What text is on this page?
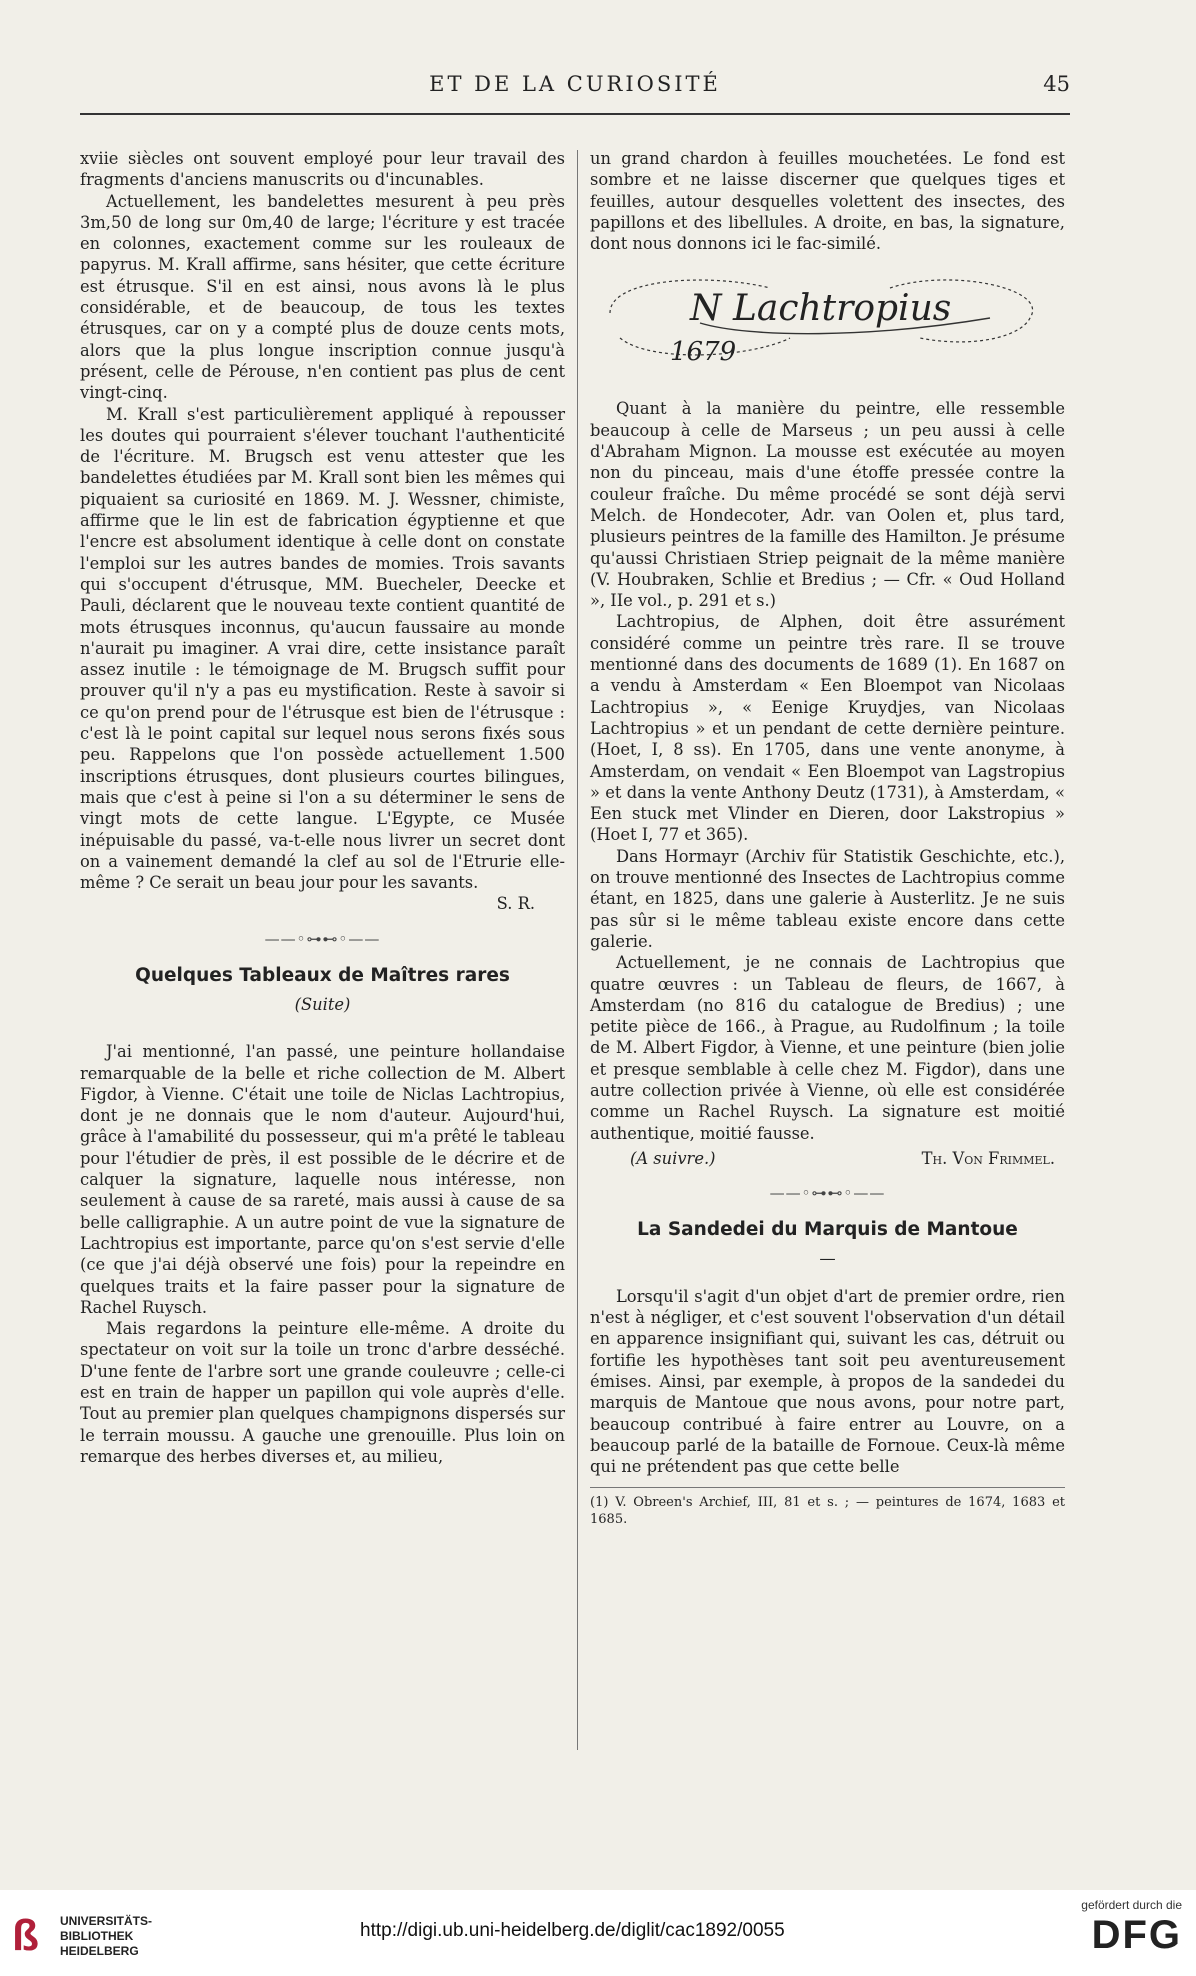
ET DE LA CURIOSITÉ	45

xviie siècles ont souvent employé pour leur travail des fragments d'anciens manuscrits ou d'incunables.

Actuellement, les bandelettes mesurent à peu près 3m,50 de long sur 0m,40 de large; l'écriture y est tracée en colonnes, exactement comme sur les rouleaux de papyrus. M. Krall affirme, sans hésiter, que cette écriture est étrusque. S'il en est ainsi, nous avons là le plus considérable, et de beaucoup, de tous les textes étrusques, car on y a compté plus de douze cents mots, alors que la plus longue inscription connue jusqu'à présent, celle de Pérouse, n'en contient pas plus de cent vingt-cinq.

M. Krall s'est particulièrement appliqué à repousser les doutes qui pourraient s'élever touchant l'authenticité de l'écriture. M. Brugsch est venu attester que les bandelettes étudiées par M. Krall sont bien les mêmes qui piquaient sa curiosité en 1869. M. J. Wessner, chimiste, affirme que le lin est de fabrication égyptienne et que l'encre est absolument identique à celle dont on constate l'emploi sur les autres bandes de momies. Trois savants qui s'occupent d'étrusque, MM. Buecheler, Deecke et Pauli, déclarent que le nouveau texte contient quantité de mots étrusques inconnus, qu'aucun faussaire au monde n'aurait pu imaginer. A vrai dire, cette insistance paraît assez inutile : le témoignage de M. Brugsch suffit pour prouver qu'il n'y a pas eu mystification. Reste à savoir si ce qu'on prend pour de l'étrusque est bien de l'étrusque : c'est là le point capital sur lequel nous serons fixés sous peu. Rappelons que l'on possède actuellement 1.500 inscriptions étrusques, dont plusieurs courtes bilingues, mais que c'est à peine si l'on a su déterminer le sens de vingt mots de cette langue. L'Egypte, ce Musée inépuisable du passé, va-t-elle nous livrer un secret dont on a vainement demandé la clef au sol de l'Etrurie elle-même ? Ce serait un beau jour pour les savants.

S. R.
——◦⊶⊷◦——
Quelques Tableaux de Maîtres rares
(Suite)

J'ai mentionné, l'an passé, une peinture hollandaise remarquable de la belle et riche collection de M. Albert Figdor, à Vienne. C'était une toile de Niclas Lachtropius, dont je ne donnais que le nom d'auteur. Aujourd'hui, grâce à l'amabilité du possesseur, qui m'a prêté le tableau pour l'étudier de près, il est possible de le décrire et de calquer la signature, laquelle nous intéresse, non seulement à cause de sa rareté, mais aussi à cause de sa belle calligraphie. A un autre point de vue la signature de Lachtropius est importante, parce qu'on s'est servie d'elle (ce que j'ai déjà observé une fois) pour la repeindre en quelques traits et la faire passer pour la signature de Rachel Ruysch.

Mais regardons la peinture elle-même. A droite du spectateur on voit sur la toile un tronc d'arbre desséché. D'une fente de l'arbre sort une grande couleuvre ; celle-ci est en train de happer un papillon qui vole auprès d'elle. Tout au premier plan quelques champignons dispersés sur le terrain moussu. A gauche une grenouille. Plus loin on remarque des herbes diverses et, au milieu,

un grand chardon à feuilles mouchetées. Le fond est sombre et ne laisse discerner que quelques tiges et feuilles, autour desquelles volettent des insectes, des papillons et des libellules. A droite, en bas, la signature, dont nous donnons ici le fac-similé.

N Lachtropius
1679

Quant à la manière du peintre, elle ressemble beaucoup à celle de Marseus ; un peu aussi à celle d'Abraham Mignon. La mousse est exécutée au moyen non du pinceau, mais d'une étoffe pressée contre la couleur fraîche. Du même procédé se sont déjà servi Melch. de Hondecoter, Adr. van Oolen et, plus tard, plusieurs peintres de la famille des Hamilton. Je présume qu'aussi Christiaen Striep peignait de la même manière (V. Houbraken, Schlie et Bredius ; — Cfr. « Oud Holland », IIe vol., p. 291 et s.)

Lachtropius, de Alphen, doit être assurément considéré comme un peintre très rare. Il se trouve mentionné dans des documents de 1689 (1). En 1687 on a vendu à Amsterdam « Een Bloempot van Nicolaas Lachtropius », « Eenige Kruydjes, van Nicolaas Lachtropius » et un pendant de cette dernière peinture. (Hoet, I, 8 ss). En 1705, dans une vente anonyme, à Amsterdam, on vendait « Een Bloempot van Lagstropius » et dans la vente Anthony Deutz (1731), à Amsterdam, « Een stuck met Vlinder en Dieren, door Lakstropius » (Hoet I, 77 et 365).

Dans Hormayr (Archiv für Statistik Geschichte, etc.), on trouve mentionné des Insectes de Lachtropius comme étant, en 1825, dans une galerie à Austerlitz. Je ne suis pas sûr si le même tableau existe encore dans cette galerie.

Actuellement, je ne connais de Lachtropius que quatre œuvres : un Tableau de fleurs, de 1667, à Amsterdam (no 816 du catalogue de Bredius) ; une petite pièce de 166., à Prague, au Rudolfinum ; la toile de M. Albert Figdor, à Vienne, et une peinture (bien jolie et presque semblable à celle chez M. Figdor), dans une autre collection privée à Vienne, où elle est considérée comme un Rachel Ruysch. La signature est moitié authentique, moitié fausse.

(A suivre.)	Th. Von Frimmel.
——◦⊶⊷◦——
La Sandedei du Marquis de Mantoue
—

Lorsqu'il s'agit d'un objet d'art de premier ordre, rien n'est à négliger, et c'est souvent l'observation d'un détail en apparence insignifiant qui, suivant les cas, détruit ou fortifie les hypothèses tant soit peu aventureusement émises. Ainsi, par exemple, à propos de la sandedei du marquis de Mantoue que nous avons, pour notre part, beaucoup contribué à faire entrer au Louvre, on a beaucoup parlé de la bataille de Fornoue. Ceux-là même qui ne prétendent pas que cette belle

(1) V. Obreen's Archief, III, 81 et s. ; — peintures de 1674, 1683 et 1685.
ß	UNIVERSITÄTS-
BIBLIOTHEK
HEIDELBERG
http://digi.ub.uni-heidelberg.de/diglit/cac1892/0055
gefördert durch die
DFG
